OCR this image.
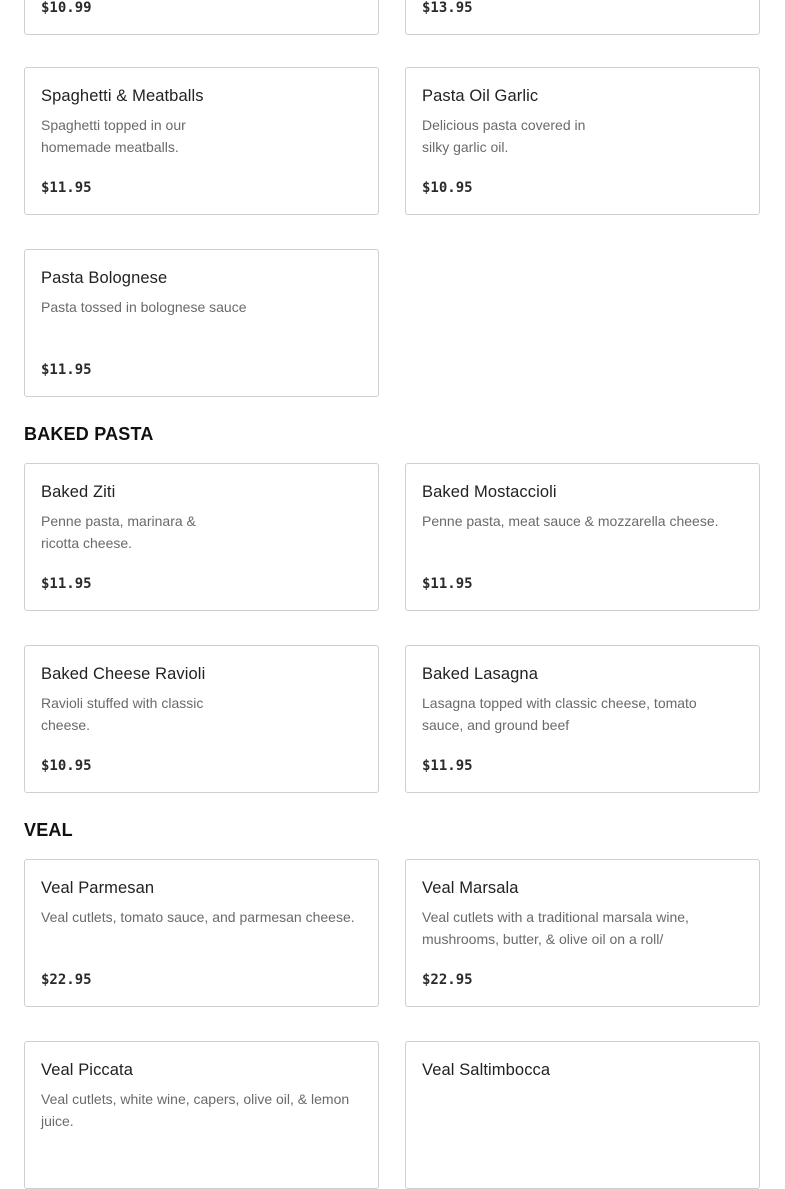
$10.99	$13.95
Spaghetti & Meatballs
Spaghetti topped in our homemade meatballs.
$11.95
Pasta Oil Garlic
Delicious pasta covered in silky garlic oil.
$10.95
Pasta Bolognese
Pasta tossed in bolognese sauce
$11.95
BAKED PASTA
Baked Ziti
Penne pasta, marinara & ricotta cheese.
$11.95
Baked Mostaccioli
Penne pasta, meat sauce & mozzarella cheese.
$11.95
Baked Cheese Ravioli
Ravioli stuffed with classic cheese.
$10.95
Baked Lasagna
Lasagna topped with classic cheese, tomato sauce, and ground beef
$11.95
VEAL
Veal Parmesan
Veal cutlets, tomato sauce, and parmesan cheese.
$22.95
Veal Marsala
Veal cutlets with a traditional marsala wine, mushrooms, butter, & olive oil on a roll/
$22.95
Veal Piccata
Veal cutlets, white wine, capers, olive oil, & lemon juice.
Veal Saltimbocca
